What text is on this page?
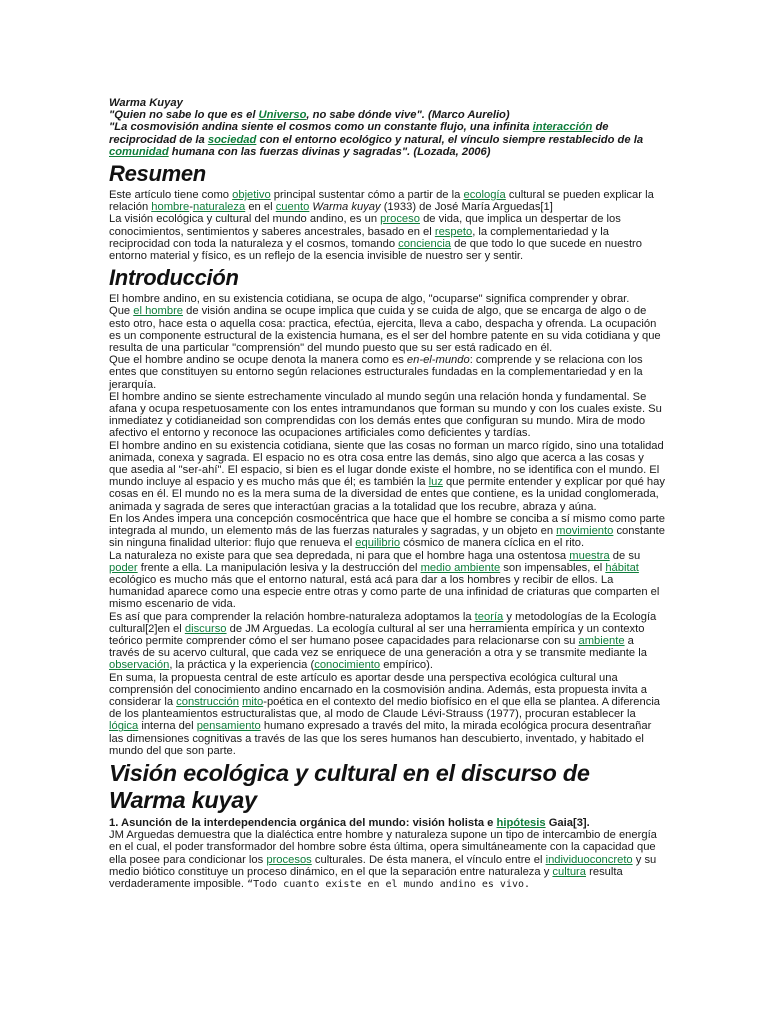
Warma Kuyay

"Quien no sabe lo que es el Universo, no sabe dónde vive". (Marco Aurelio)

"La cosmovisión andina siente el cosmos como un constante flujo, una infinita interacción de reciprocidad de la sociedad con el entorno ecológico y natural, el vínculo siempre restablecido de la comunidad humana con las fuerzas divinas y sagradas". (Lozada, 2006)

Resumen

Este artículo tiene como objetivo principal sustentar cómo a partir de la ecología cultural se pueden explicar la relación hombre-naturaleza en el cuento Warma kuyay (1933) de José María Arguedas[1]

La visión ecológica y cultural del mundo andino, es un proceso de vida, que implica un despertar de los conocimientos, sentimientos y saberes ancestrales, basado en el respeto, la complementariedad y la reciprocidad con toda la naturaleza y el cosmos, tomando conciencia de que todo lo que sucede en nuestro entorno material y físico, es un reflejo de la esencia invisible de nuestro ser y sentir.

Introducción

El hombre andino, en su existencia cotidiana, se ocupa de algo, "ocuparse" significa comprender y obrar.

Que el hombre de visión andina se ocupe implica que cuida y se cuida de algo, que se encarga de algo o de esto otro, hace esta o aquella cosa: practica, efectúa, ejercita, lleva a cabo, despacha y ofrenda. La ocupación es un componente estructural de la existencia humana, es el ser del hombre patente en su vida cotidiana y que resulta de una particular "comprensión" del mundo puesto que su ser está radicado en él.

Que el hombre andino se ocupe denota la manera como es en-el-mundo: comprende y se relaciona con los entes que constituyen su entorno según relaciones estructurales fundadas en la complementariedad y en la jerarquía.

El hombre andino se siente estrechamente vinculado al mundo según una relación honda y fundamental. Se afana y ocupa respetuosamente con los entes intramundanos que forman su mundo y con los cuales existe. Su inmediatez y cotidianeidad son comprendidas con los demás entes que configuran su mundo. Mira de modo afectivo el entorno y reconoce las ocupaciones artificiales como deficientes y tardías.

El hombre andino en su existencia cotidiana, siente que las cosas no forman un marco rígido, sino una totalidad animada, conexa y sagrada. El espacio no es otra cosa entre las demás, sino algo que acerca a las cosas y que asedia al "ser-ahí". El espacio, si bien es el lugar donde existe el hombre, no se identifica con el mundo. El mundo incluye al espacio y es mucho más que él; es también la luz que permite entender y explicar por qué hay cosas en él. El mundo no es la mera suma de la diversidad de entes que contiene, es la unidad conglomerada, animada y sagrada de seres que interactúan gracias a la totalidad que los recubre, abraza y aúna.

En los Andes impera una concepción cosmocéntrica que hace que el hombre se conciba a sí mismo como parte integrada al mundo, un elemento más de las fuerzas naturales y sagradas, y un objeto en movimiento constante sin ninguna finalidad ulterior: flujo que renueva el equilibrio cósmico de manera cíclica en el rito.

La naturaleza no existe para que sea depredada, ni para que el hombre haga una ostentosa muestra de su poder frente a ella. La manipulación lesiva y la destrucción del medio ambiente son impensables, el hábitat ecológico es mucho más que el entorno natural, está acá para dar a los hombres y recibir de ellos. La humanidad aparece como una especie entre otras y como parte de una infinidad de criaturas que comparten el mismo escenario de vida.

Es así que para comprender la relación hombre-naturaleza adoptamos la teoría y metodologías de la Ecología cultural[2]en el discurso de JM Arguedas. La ecología cultural al ser una herramienta empírica y un contexto teórico permite comprender cómo el ser humano posee capacidades para relacionarse con su ambiente a través de su acervo cultural, que cada vez se enriquece de una generación a otra y se transmite mediante la observación, la práctica y la experiencia (conocimiento empírico).

En suma, la propuesta central de este artículo es aportar desde una perspectiva ecológica cultural una comprensión del conocimiento andino encarnado en la cosmovisión andina. Además, esta propuesta invita a considerar la construcción mito-poética en el contexto del medio biofísico en el que ella se plantea. A diferencia de los planteamientos estructuralistas que, al modo de Claude Lévi-Strauss (1977), procuran establecer la lógica interna del pensamiento humano expresado a través del mito, la mirada ecológica procura desentrañar las dimensiones cognitivas a través de las que los seres humanos han descubierto, inventado, y habitado el mundo del que son parte.

Visión ecológica y cultural en el discurso de Warma kuyay

1. Asunción de la interdependencia orgánica del mundo: visión holista e hipótesis Gaia[3].

JM Arguedas demuestra que la dialéctica entre hombre y naturaleza supone un tipo de intercambio de energía en el cual, el poder transformador del hombre sobre ésta última, opera simultáneamente con la capacidad que ella posee para condicionar los procesos culturales. De ésta manera, el vínculo entre el individuoconcreto y su medio biótico constituye un proceso dinámico, en el que la separación entre naturaleza y cultura resulta verdaderamente imposible. “Todo cuanto existe en el mundo andino es vivo.
